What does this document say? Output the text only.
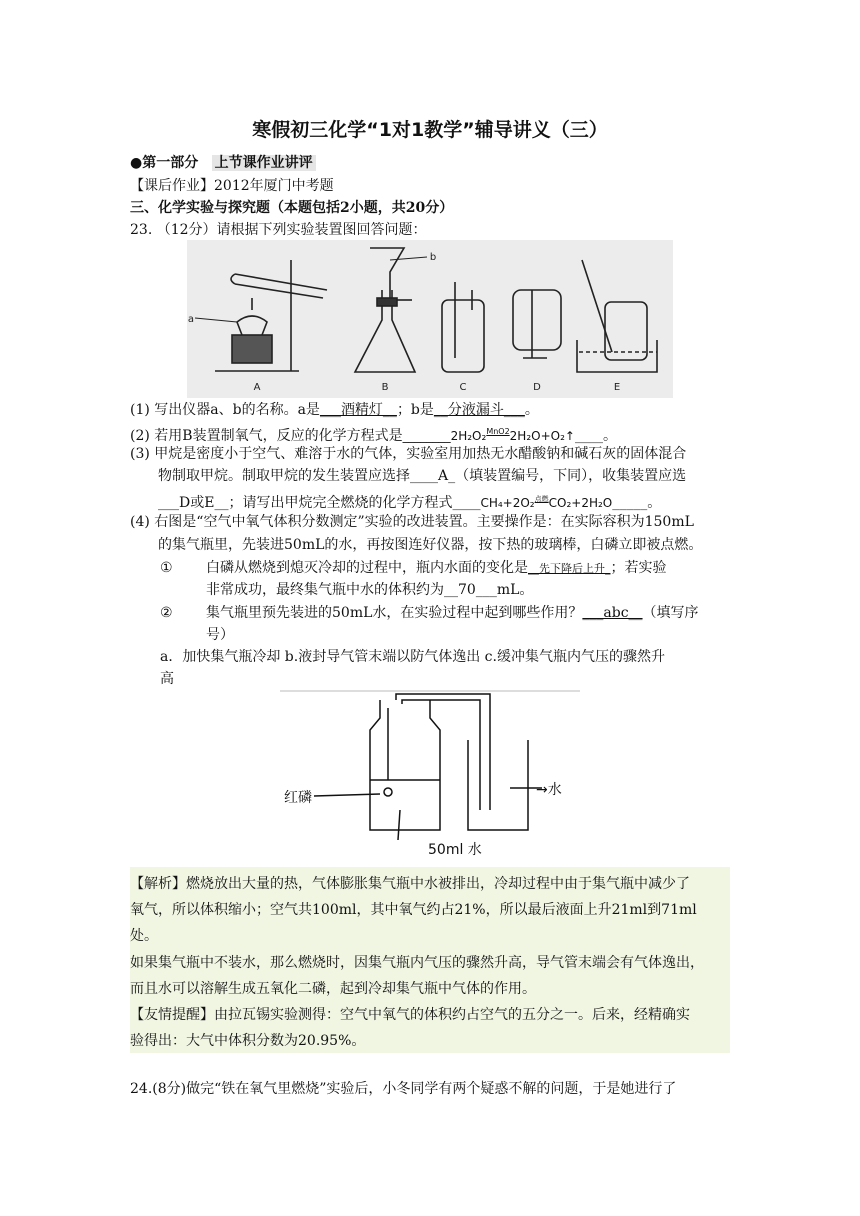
寒假初三化学“1对1教学”辅导讲义（三）
●第一部分 上节课作业讲评
【课后作业】2012年厦门中考题
三、化学实验与探究题（本题包括2小题，共20分）
23. （12分）请根据下列实验装置图回答问题：
A	B	C	D	E
a
b
(1) 写出仪器a、b的名称。a是___酒精灯__；b是__分液漏斗___。
(2) 若用B装置制氧气，反应的化学方程式是________2H₂O₂$^{MnO2}$2H₂O+O₂↑____。
(3) 甲烷是密度小于空气、难溶于水的气体，实验室用加热无水醋酸钠和碱石灰的固体混合
物制取甲烷。制取甲烷的发生装置应选择____A_（填装置编号，下同），收集装置应选
___D或E__；请写出甲烷完全燃烧的化学方程式____CH₄+2O₂$^{点燃}$CO₂+2H₂O_____。
(4) 右图是“空气中氧气体积分数测定”实验的改进装置。主要操作是：在实际容积为150mL
的集气瓶里，先装进50mL的水，再按图连好仪器，按下热的玻璃棒，白磷立即被点燃。
① 白磷从燃烧到熄灭冷却的过程中，瓶内水面的变化是__先下降后上升_；若实验
非常成功，最终集气瓶中水的体积约为__70___mL。
② 集气瓶里预先装进的50mL水，在实验过程中起到哪些作用？___abc__（填写序
号）
a．加快集气瓶冷却 b.液封导气管末端以防气体逸出 c.缓冲集气瓶内气压的骤然升
高
红磷
50ml 水
→水
【解析】燃烧放出大量的热，气体膨胀集气瓶中水被排出，冷却过程中由于集气瓶中减少了
氧气，所以体积缩小；空气共100ml，其中氧气约占21%，所以最后液面上升21ml到71ml
处。
如果集气瓶中不装水，那么燃烧时，因集气瓶内气压的骤然升高，导气管末端会有气体逸出，
而且水可以溶解生成五氧化二磷，起到冷却集气瓶中气体的作用。
【友情提醒】由拉瓦锡实验测得：空气中氧气的体积约占空气的五分之一。后来，经精确实
验得出：大气中体积分数为20.95%。
24.(8分)做完“铁在氧气里燃烧”实验后，小冬同学有两个疑惑不解的问题，于是她进行了
